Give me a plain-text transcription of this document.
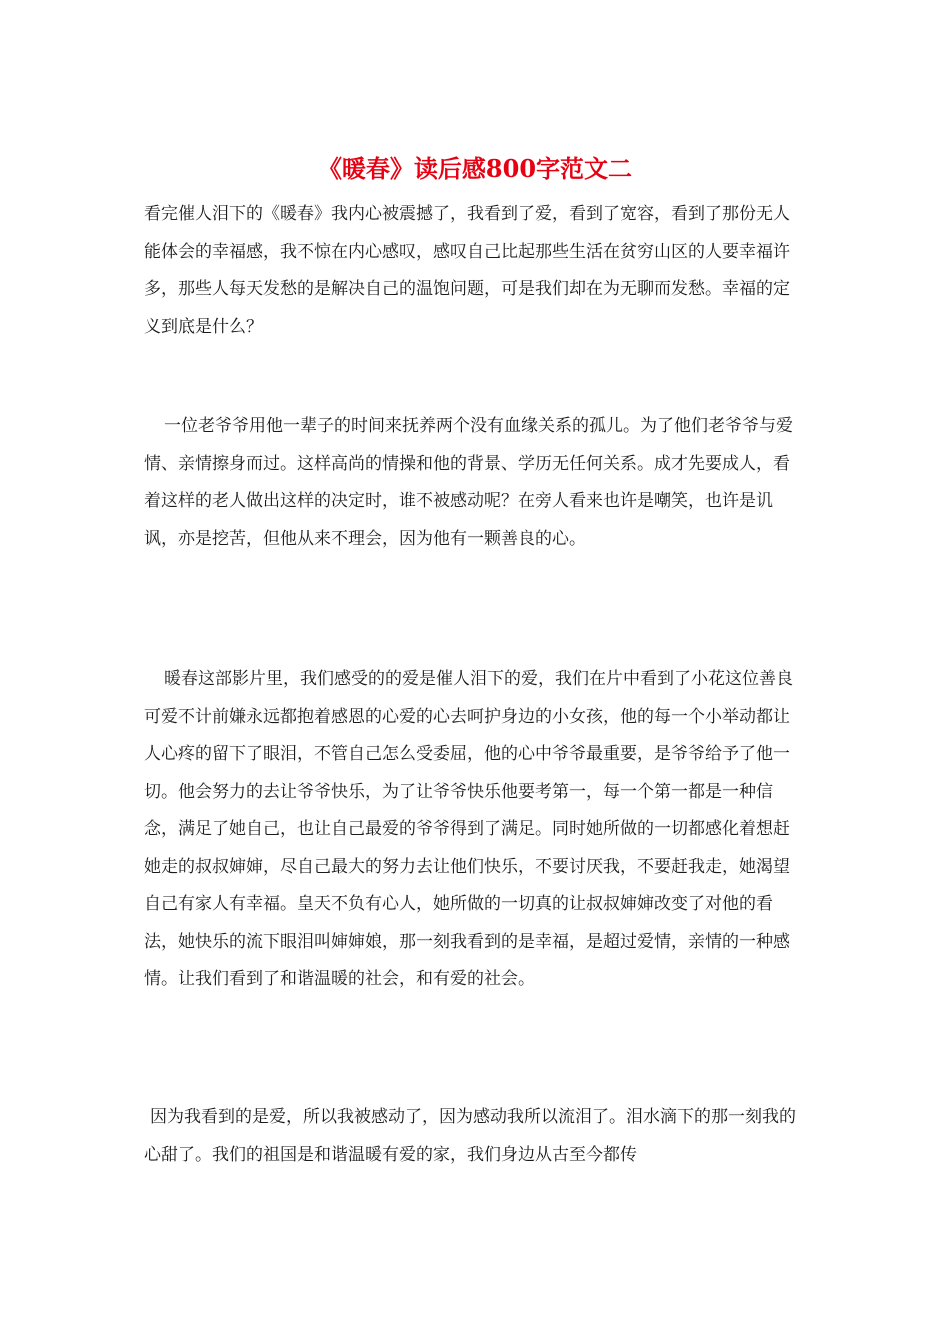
《暖春》读后感800字范文二

看完催人泪下的《暖春》我内心被震撼了，我看到了爱，看到了宽容，看到了那份无人能体会的幸福感，我不惊在内心感叹，感叹自己比起那些生活在贫穷山区的人要幸福许多，那些人每天发愁的是解决自己的温饱问题，可是我们却在为无聊而发愁。幸福的定义到底是什么？

一位老爷爷用他一辈子的时间来抚养两个没有血缘关系的孤儿。为了他们老爷爷与爱情、亲情擦身而过。这样高尚的情操和他的背景、学历无任何关系。成才先要成人，看着这样的老人做出这样的决定时，谁不被感动呢？在旁人看来也许是嘲笑，也许是讥讽，亦是挖苦，但他从来不理会，因为他有一颗善良的心。

暖春这部影片里，我们感受的的爱是催人泪下的爱，我们在片中看到了小花这位善良可爱不计前嫌永远都抱着感恩的心爱的心去呵护身边的小女孩，他的每一个小举动都让人心疼的留下了眼泪，不管自己怎么受委屈，他的心中爷爷最重要，是爷爷给予了他一切。他会努力的去让爷爷快乐，为了让爷爷快乐他要考第一，每一个第一都是一种信念，满足了她自己，也让自己最爱的爷爷得到了满足。同时她所做的一切都感化着想赶她走的叔叔婶婶，尽自己最大的努力去让他们快乐，不要讨厌我，不要赶我走，她渴望自己有家人有幸福。皇天不负有心人，她所做的一切真的让叔叔婶婶改变了对他的看法，她快乐的流下眼泪叫婶婶娘，那一刻我看到的是幸福，是超过爱情，亲情的一种感情。让我们看到了和谐温暖的社会，和有爱的社会。

因为我看到的是爱，所以我被感动了，因为感动我所以流泪了。泪水滴下的那一刻我的心甜了。我们的祖国是和谐温暖有爱的家，我们身边从古至今都传
